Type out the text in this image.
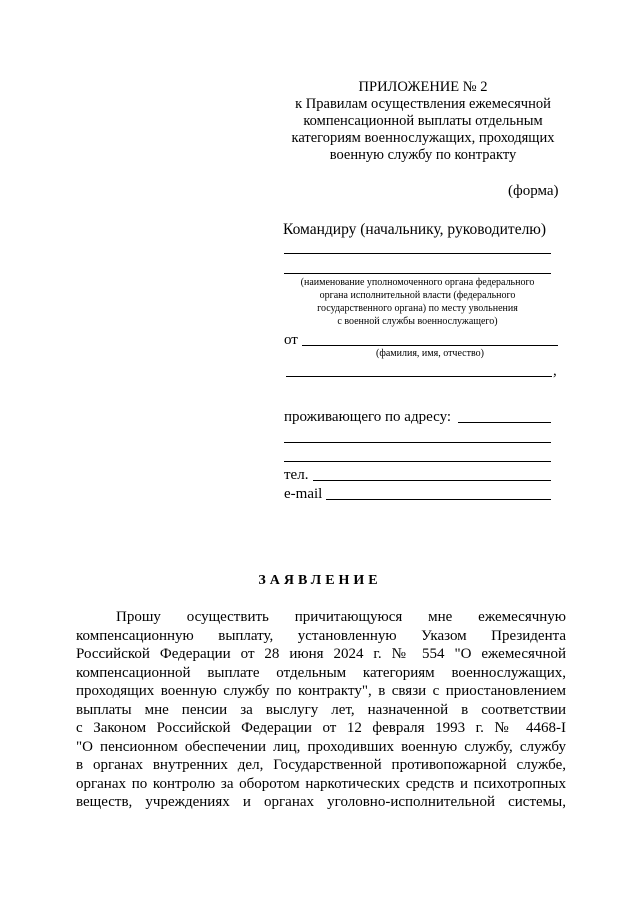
ПРИЛОЖЕНИЕ № 2
к Правилам осуществления ежемесячной
компенсационной выплаты отдельным
категориям военнослужащих, проходящих
военную службу по контракту
(форма)
Командиру (начальнику, руководителю)
(наименование уполномоченного органа федерального
органа исполнительной власти (федерального
государственного органа) по месту увольнения
с военной службы военнослужащего)
от
(фамилия, имя, отчество)
,
проживающего по адресу:
тел.
e-mail
ЗАЯВЛЕНИЕ
Прошу осуществить причитающуюся мне ежемесячную
компенсационную выплату, установленную Указом Президента
Российской Федерации от 28 июня 2024 г. № 554 "О ежемесячной
компенсационной выплате отдельным категориям военнослужащих,
проходящих военную службу по контракту", в связи с приостановлением
выплаты мне пенсии за выслугу лет, назначенной в соответствии
с Законом Российской Федерации от 12 февраля 1993 г. № 4468-I
"О пенсионном обеспечении лиц, проходивших военную службу, службу
в органах внутренних дел, Государственной противопожарной службе,
органах по контролю за оборотом наркотических средств и психотропных
веществ, учреждениях и органах уголовно-исполнительной системы,
